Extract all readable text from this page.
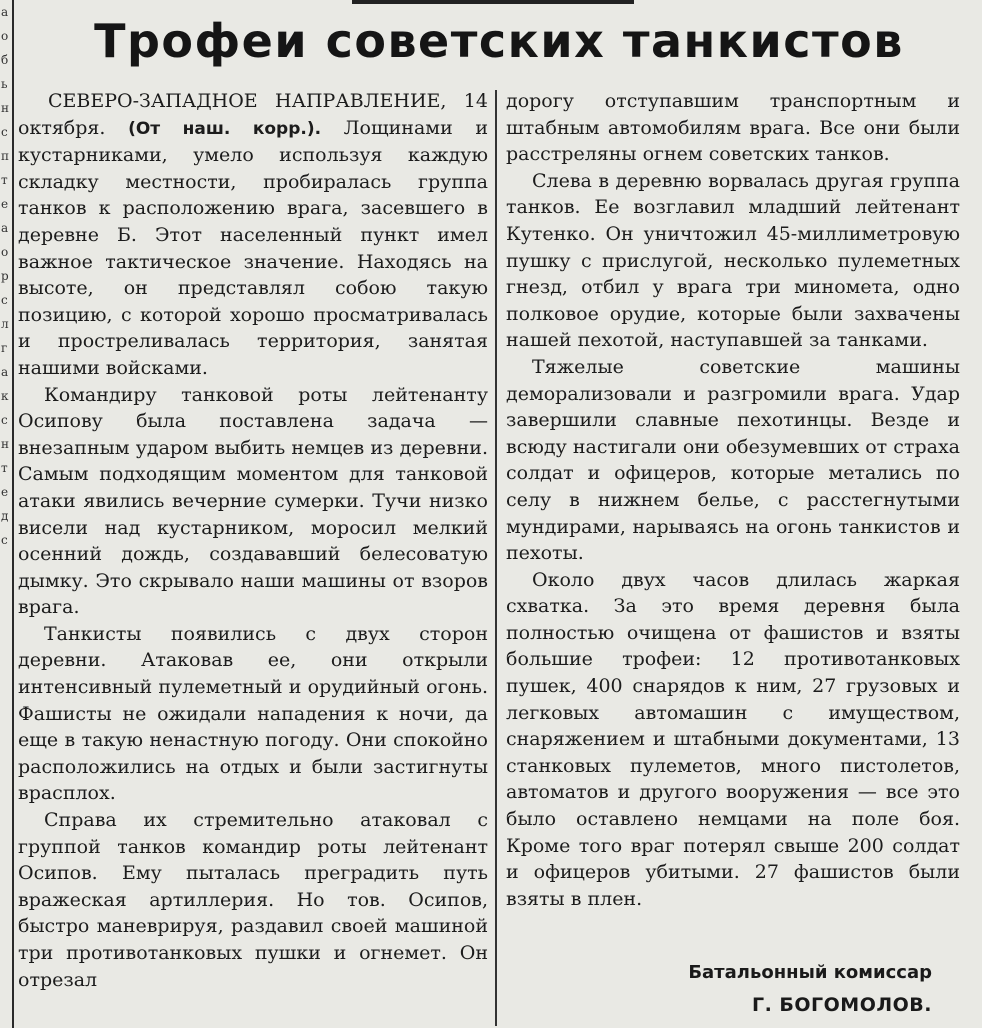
а
о
б
ь
н
с
п
т
е
а
о
р
с
л
г
а
к
с
н
т
е
д
с
Трофеи советских танкистов

СЕВЕРО-ЗАПАДНОЕ НАПРАВЛЕНИЕ, 14 октября. (От наш. корр.). Лощинами и кустарниками, умело используя каждую складку местности, пробиралась группа танков к расположению врага, засевшего в деревне Б. Этот населенный пункт имел важное тактическое значение. Находясь на высоте, он представлял собою такую позицию, с которой хорошо просматривалась и простреливалась территория, занятая нашими войсками.

Командиру танковой роты лейтенанту Осипову была поставлена задача — внезапным ударом выбить немцев из деревни. Самым подходящим моментом для танковой атаки явились вечерние сумерки. Тучи низко висели над кустарником, моросил мелкий осенний дождь, создававший белесоватую дымку. Это скрывало наши машины от взоров врага.

Танкисты появились с двух сторон деревни. Атаковав ее, они открыли интенсивный пулеметный и орудийный огонь. Фашисты не ожидали нападения к ночи, да еще в такую ненастную погоду. Они спокойно расположились на отдых и были застигнуты врасплох.

Справа их стремительно атаковал с группой танков командир роты лейтенант Осипов. Ему пыталась преградить путь вражеская артиллерия. Но тов. Осипов, быстро маневрируя, раздавил своей машиной три противотанковых пушки и огнемет. Он отрезал

дорогу отступавшим транспортным и штабным автомобилям врага. Все они были расстреляны огнем советских танков.

Слева в деревню ворвалась другая группа танков. Ее возглавил младший лейтенант Кутенко. Он уничтожил 45-миллиметровую пушку с прислугой, несколько пулеметных гнезд, отбил у врага три миномета, одно полковое орудие, которые были захвачены нашей пехотой, наступавшей за танками.

Тяжелые советские машины деморализовали и разгромили врага. Удар завершили славные пехотинцы. Везде и всюду настигали они обезумевших от страха солдат и офицеров, которые метались по селу в нижнем белье, с расстегнутыми мундирами, нарываясь на огонь танкистов и пехоты.

Около двух часов длилась жаркая схватка. За это время деревня была полностью очищена от фашистов и взяты большие трофеи: 12 противотанковых пушек, 400 снарядов к ним, 27 грузовых и легковых автомашин с имуществом, снаряжением и штабными документами, 13 станковых пулеметов, много пистолетов, автоматов и другого вооружения — все это было оставлено немцами на поле боя. Кроме того враг потерял свыше 200 солдат и офицеров убитыми. 27 фашистов были взяты в плен.

Батальонный комиссар
Г. БОГОМОЛОВ.
